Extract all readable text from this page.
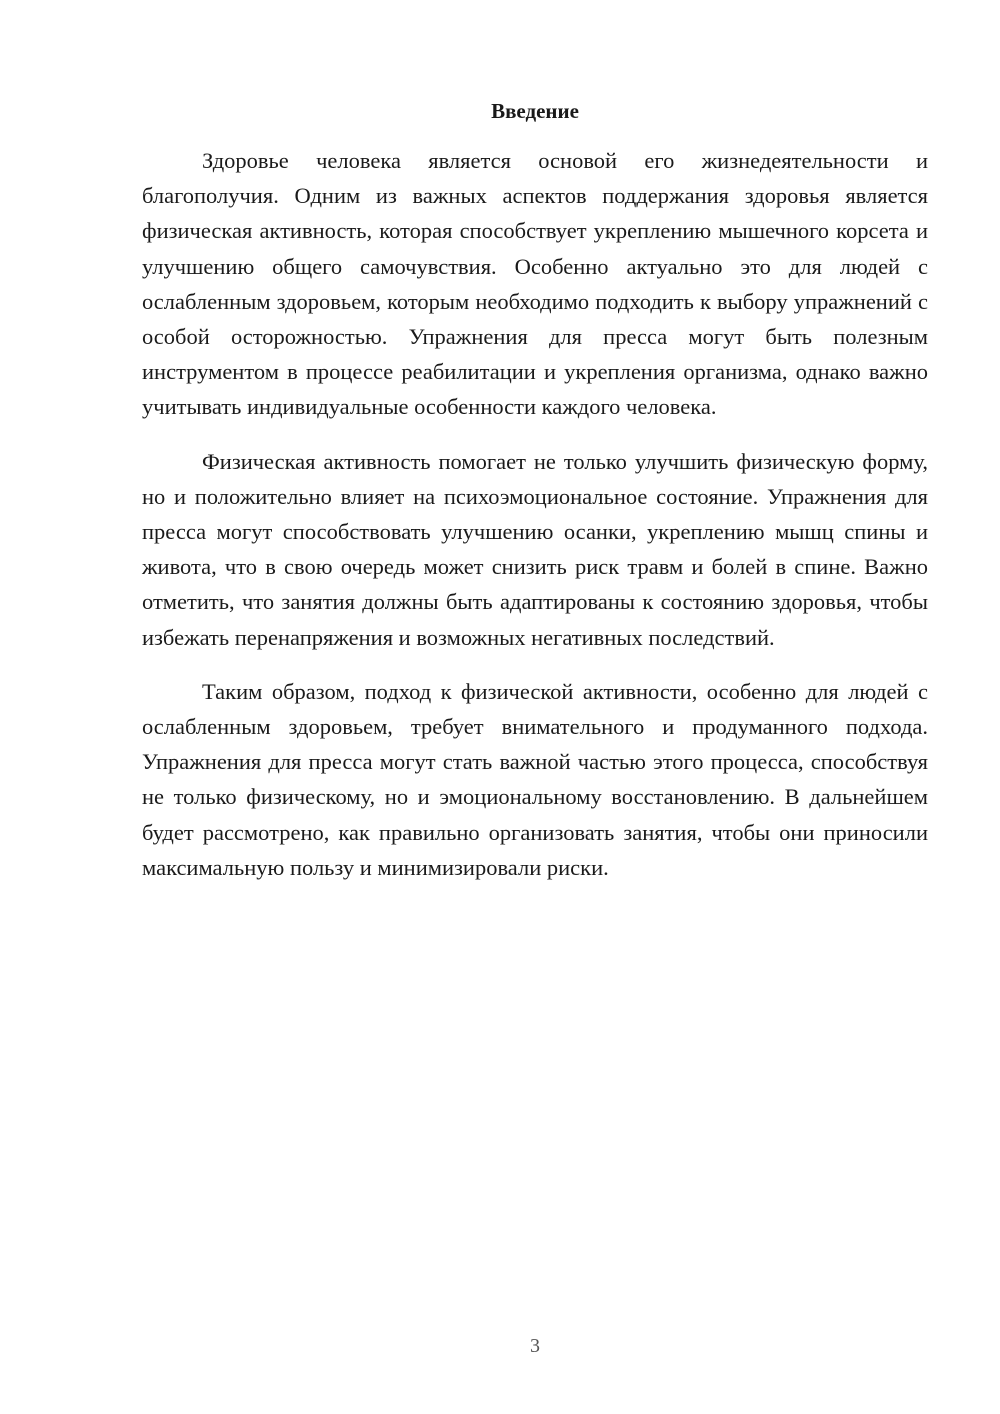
Введение

Здоровье человека является основой его жизнедеятельности и благополучия. Одним из важных аспектов поддержания здоровья является физическая активность, которая способствует укреплению мышечного корсета и улучшению общего самочувствия. Особенно актуально это для людей с ослабленным здоровьем, которым необходимо подходить к выбору упражнений с особой осторожностью. Упражнения для пресса могут быть полезным инструментом в процессе реабилитации и укрепления организма, однако важно учитывать индивидуальные особенности каждого человека.

Физическая активность помогает не только улучшить физическую форму, но и положительно влияет на психоэмоциональное состояние. Упражнения для пресса могут способствовать улучшению осанки, укреплению мышц спины и живота, что в свою очередь может снизить риск травм и болей в спине. Важно отметить, что занятия должны быть адаптированы к состоянию здоровья, чтобы избежать перенапряжения и возможных негативных последствий.

Таким образом, подход к физической активности, особенно для людей с ослабленным здоровьем, требует внимательного и продуманного подхода. Упражнения для пресса могут стать важной частью этого процесса, способствуя не только физическому, но и эмоциональному восстановлению. В дальнейшем будет рассмотрено, как правильно организовать занятия, чтобы они приносили максимальную пользу и минимизировали риски.

3
